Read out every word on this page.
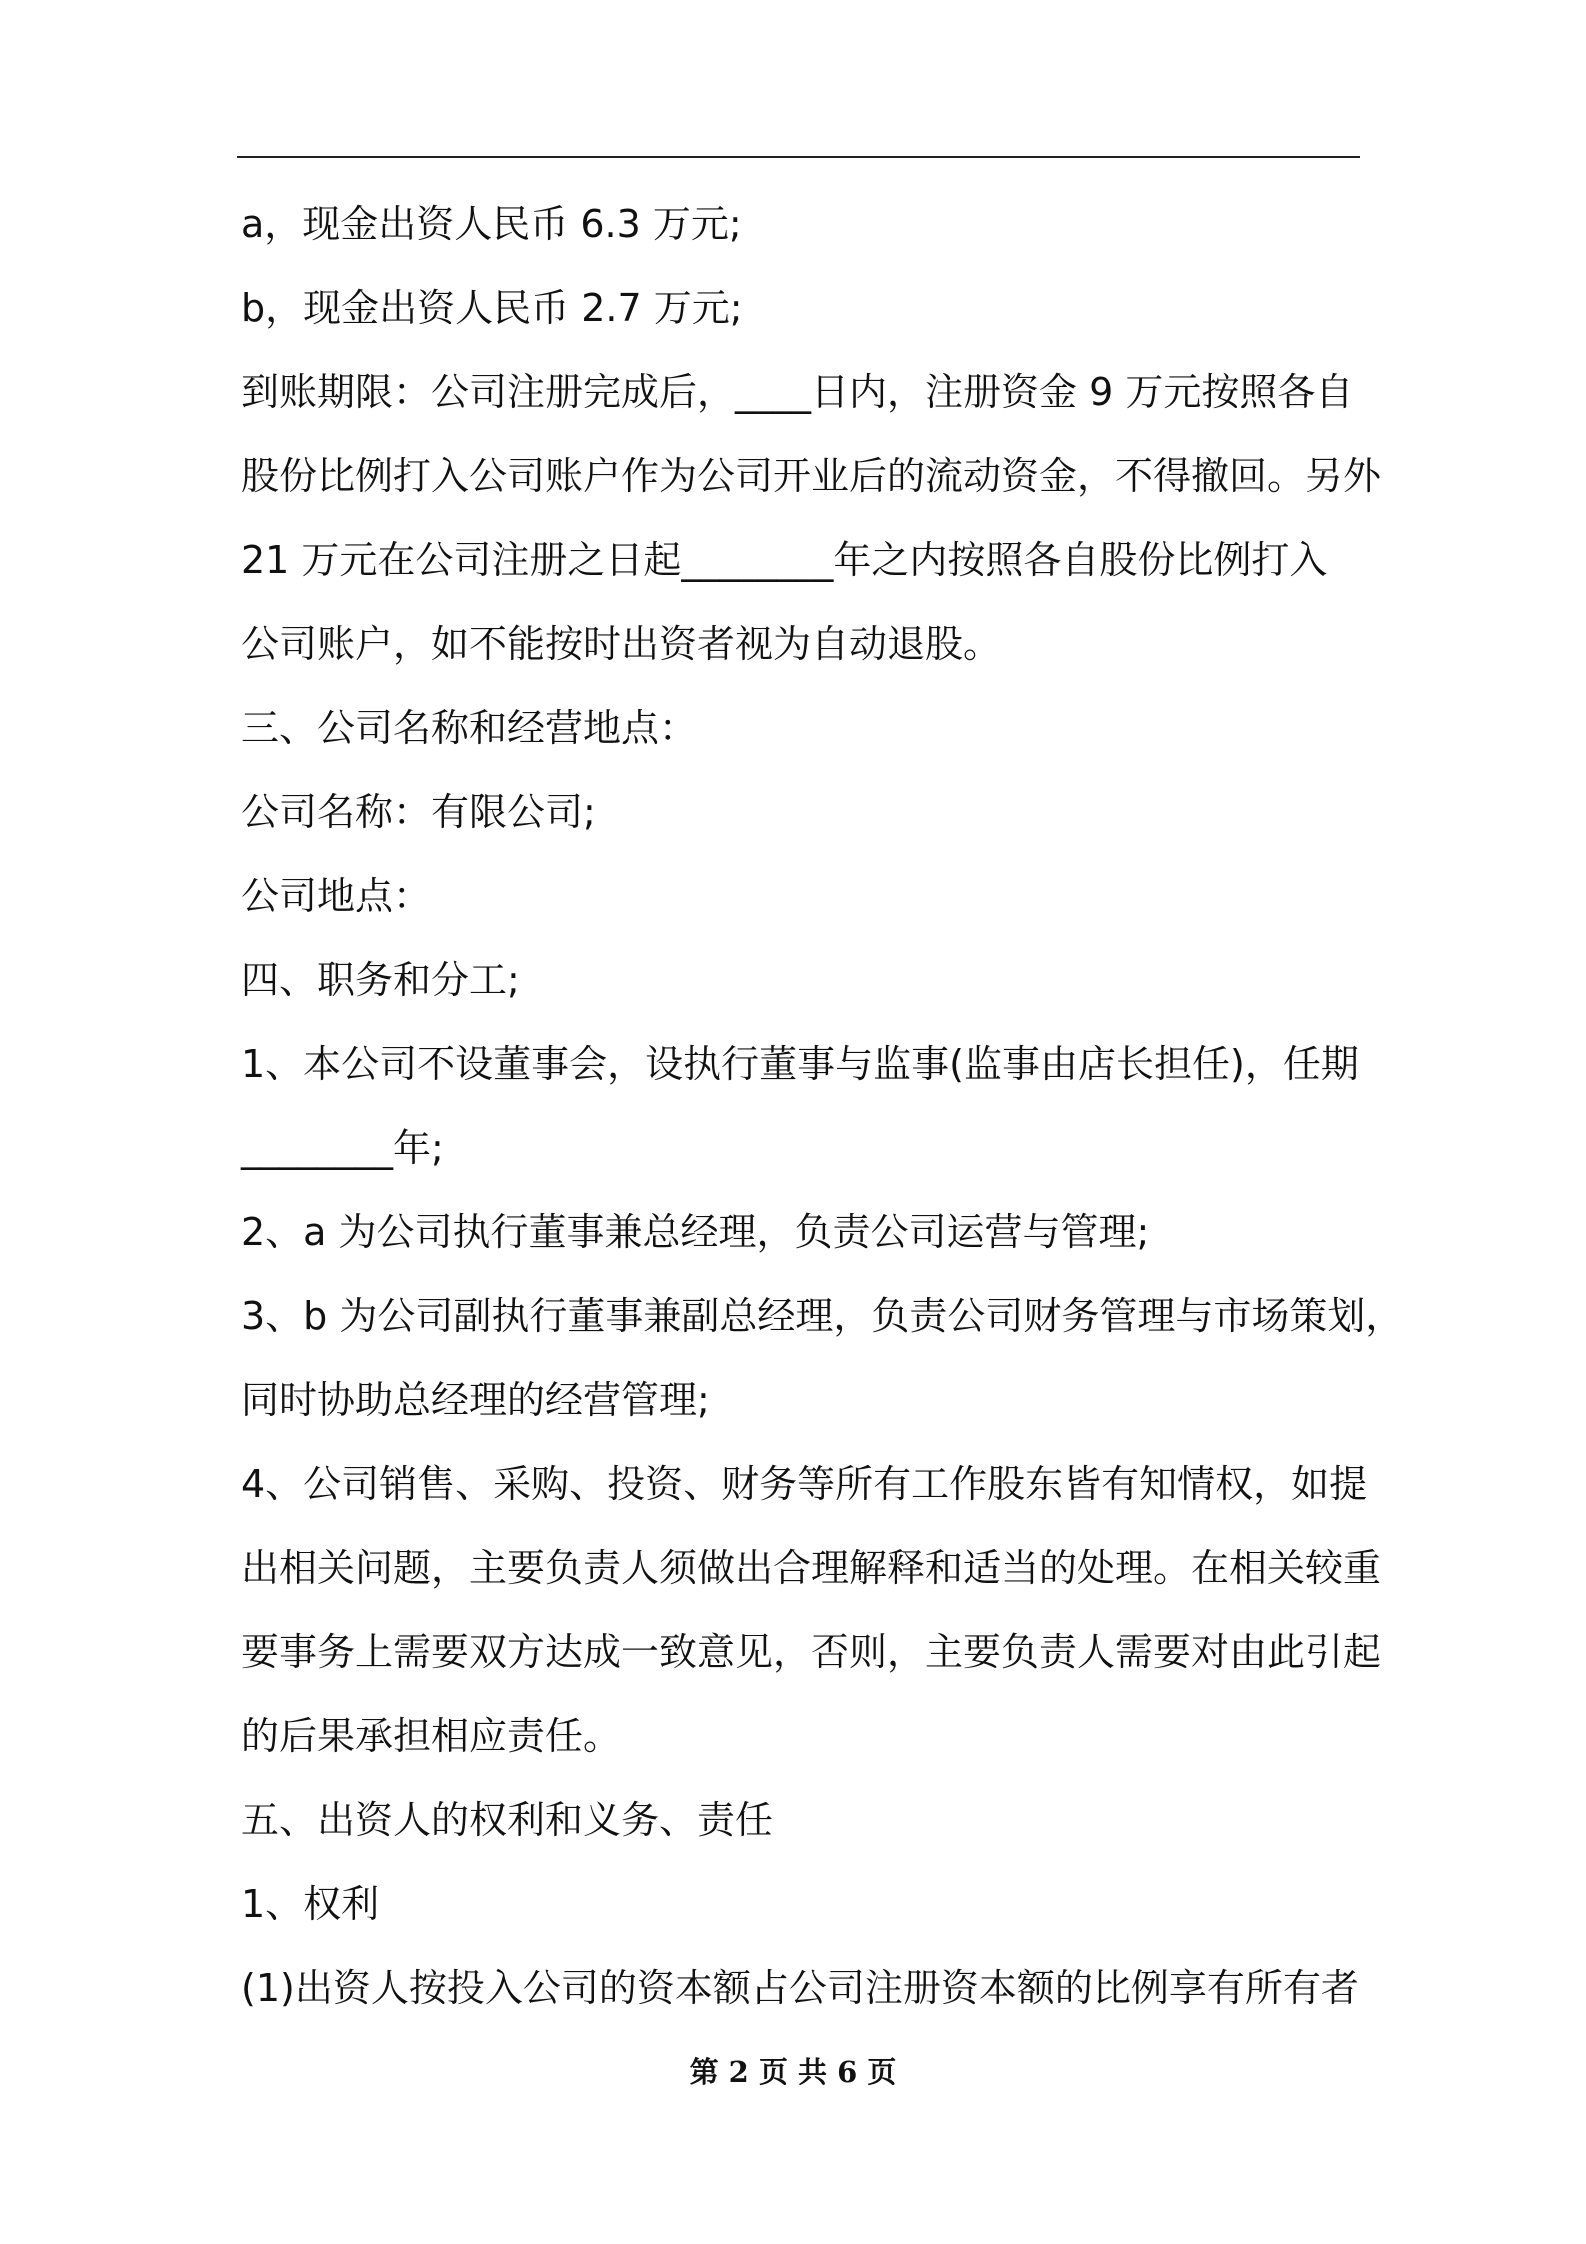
a，现金出资人民币 6.3 万元;
b，现金出资人民币 2.7 万元;
到账期限：公司注册完成后，____日内，注册资金 9 万元按照各自
股份比例打入公司账户作为公司开业后的流动资金，不得撤回。另外
21 万元在公司注册之日起________年之内按照各自股份比例打入
公司账户，如不能按时出资者视为自动退股。
三、公司名称和经营地点：
公司名称：有限公司;
公司地点：
四、职务和分工;
1、本公司不设董事会，设执行董事与监事(监事由店长担任)，任期
________年;
2、a 为公司执行董事兼总经理，负责公司运营与管理;
3、b 为公司副执行董事兼副总经理，负责公司财务管理与市场策划，
同时协助总经理的经营管理;
4、公司销售、采购、投资、财务等所有工作股东皆有知情权，如提
出相关问题，主要负责人须做出合理解释和适当的处理。在相关较重
要事务上需要双方达成一致意见，否则，主要负责人需要对由此引起
的后果承担相应责任。
五、出资人的权利和义务、责任
1、权利
(1)出资人按投入公司的资本额占公司注册资本额的比例享有所有者
第 2 页 共 6 页
